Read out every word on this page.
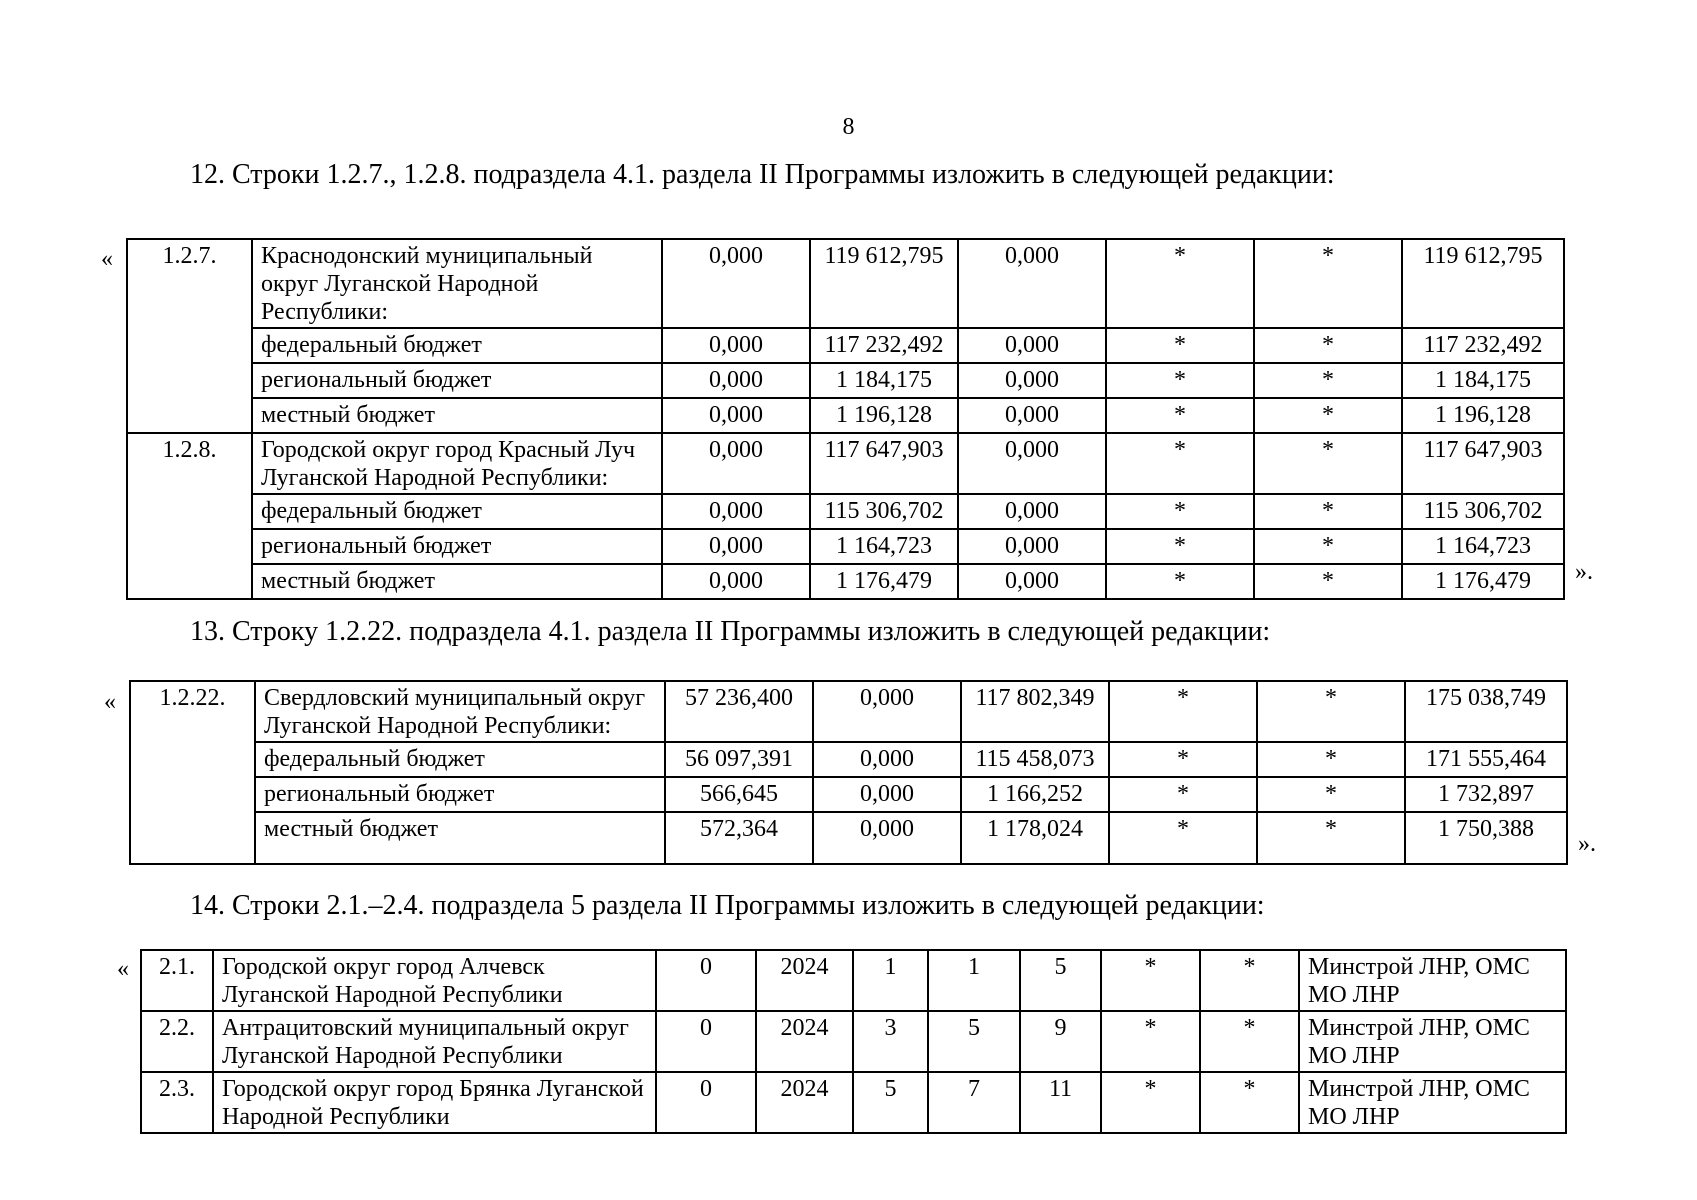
8
12. Строки 1.2.7., 1.2.8. подраздела 4.1. раздела II Программы изложить в следующей редакции:
«
».
1.2.7.	Краснодонский муниципальный округ Луганской Народной Республики:	0,000	119 612,795	0,000	*	*	119 612,795
	федеральный бюджет	0,000	117 232,492	0,000	*	*	117 232,492
	региональный бюджет	0,000	1 184,175	0,000	*	*	1 184,175
	местный бюджет	0,000	1 196,128	0,000	*	*	1 196,128
1.2.8.	Городской округ город Красный Луч Луганской Народной Республики:	0,000	117 647,903	0,000	*	*	117 647,903
	федеральный бюджет	0,000	115 306,702	0,000	*	*	115 306,702
	региональный бюджет	0,000	1 164,723	0,000	*	*	1 164,723
	местный бюджет	0,000	1 176,479	0,000	*	*	1 176,479
13. Строку 1.2.22. подраздела 4.1. раздела II Программы изложить в следующей редакции:
«
».
1.2.22.	Свердловский муниципальный округ Луганской Народной Республики:	57 236,400	0,000	117 802,349	*	*	175 038,749
	федеральный бюджет	56 097,391	0,000	115 458,073	*	*	171 555,464
	региональный бюджет	566,645	0,000	1 166,252	*	*	1 732,897
	местный бюджет	572,364	0,000	1 178,024	*	*	1 750,388
14. Строки 2.1.–2.4. подраздела 5 раздела II Программы изложить в следующей редакции:
« 2.1.	Городской округ город Алчевск Луганской Народной Республики	0	2024	1	1	5	*	*	Минстрой ЛНР, ОМС МО ЛНР
2.2.	Антрацитовский муниципальный округ Луганской Народной Республики	0	2024	3	5	9	*	*	Минстрой ЛНР, ОМС МО ЛНР
2.3.	Городской округ город Брянка Луганской Народной Республики	0	2024	5	7	11	*	*	Минстрой ЛНР, ОМС МО ЛНР
